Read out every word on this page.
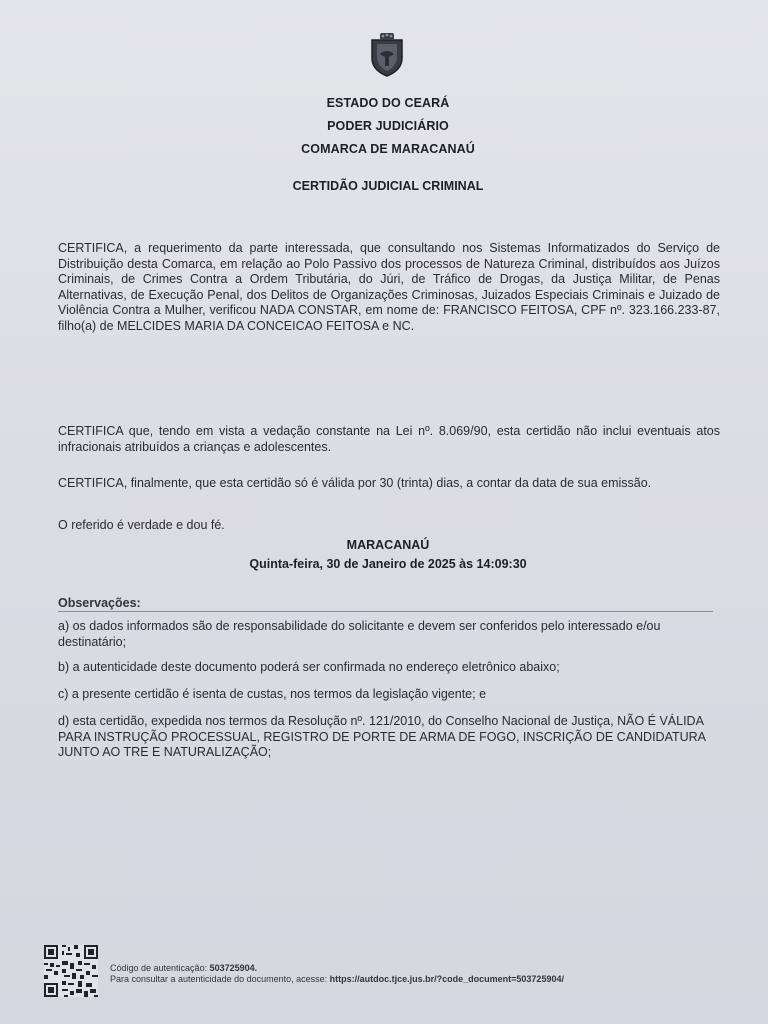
ESTADO DO CEARÁ
PODER JUDICIÁRIO
COMARCA DE MARACANAÚ
CERTIDÃO JUDICIAL CRIMINAL
CERTIFICA, a requerimento da parte interessada, que consultando nos Sistemas Informatizados do Serviço de Distribuição desta Comarca, em relação ao Polo Passivo dos processos de Natureza Criminal, distribuídos aos Juízos Criminais, de Crimes Contra a Ordem Tributária, do Júri, de Tráfico de Drogas, da Justiça Militar, de Penas Alternativas, de Execução Penal, dos Delitos de Organizações Criminosas, Juizados Especiais Criminais e Juizado de Violência Contra a Mulher, verificou NADA CONSTAR, em nome de: FRANCISCO FEITOSA, CPF nº. 323.166.233-87, filho(a) de MELCIDES MARIA DA CONCEICAO FEITOSA e NC.
CERTIFICA que, tendo em vista a vedação constante na Lei nº. 8.069/90, esta certidão não inclui eventuais atos infracionais atribuídos a crianças e adolescentes.
CERTIFICA, finalmente, que esta certidão só é válida por 30 (trinta) dias, a contar da data de sua emissão.
O referido é verdade e dou fé.
MARACANAÚ
Quinta-feira, 30 de Janeiro de 2025 às 14:09:30
Observações:
a) os dados informados são de responsabilidade do solicitante e devem ser conferidos pelo interessado e/ou destinatário;
b) a autenticidade deste documento poderá ser confirmada no endereço eletrônico abaixo;
c) a presente certidão é isenta de custas, nos termos da legislação vigente; e
d) esta certidão, expedida nos termos da Resolução nº. 121/2010, do Conselho Nacional de Justiça, NÃO É VÁLIDA PARA INSTRUÇÃO PROCESSUAL, REGISTRO DE PORTE DE ARMA DE FOGO, INSCRIÇÃO DE CANDIDATURA JUNTO AO TRE E NATURALIZAÇÃO;
Código de autenticação: 503725904.
Para consultar a autenticidade do documento, acesse: https://autdoc.tjce.jus.br/?code_document=503725904/
